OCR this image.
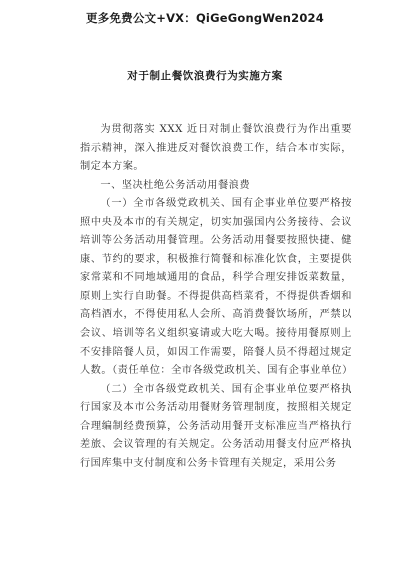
更多免费公文+VX：QiGeGongWen2024
对于制止餐饮浪费行为实施方案

为贯彻落实 XXX 近日对制止餐饮浪费行为作出重要指示精神，深入推进反对餐饮浪费工作，结合本市实际，制定本方案。

一、坚决杜绝公务活动用餐浪费

（一）全市各级党政机关、国有企事业单位要严格按照中央及本市的有关规定，切实加强国内公务接待、会议培训等公务活动用餐管理。公务活动用餐要按照快捷、健康、节约的要求，积极推行简餐和标准化饮食，主要提供家常菜和不同地域通用的食品，科学合理安排饭菜数量，原则上实行自助餐。不得提供高档菜肴，不得提供香烟和高档酒水，不得使用私人会所、高消费餐饮场所，严禁以会议、培训等名义组织宴请或大吃大喝。接待用餐原则上不安排陪餐人员，如因工作需要，陪餐人员不得超过规定人数。（责任单位：全市各级党政机关、国有企事业单位）

（二）全市各级党政机关、国有企事业单位要严格执行国家及本市公务活动用餐财务管理制度，按照相关规定合理编制经费预算，公务活动用餐开支标准应当严格执行差旅、会议管理的有关规定。公务活动用餐支付应严格执行国库集中支付制度和公务卡管理有关规定，采用公务
